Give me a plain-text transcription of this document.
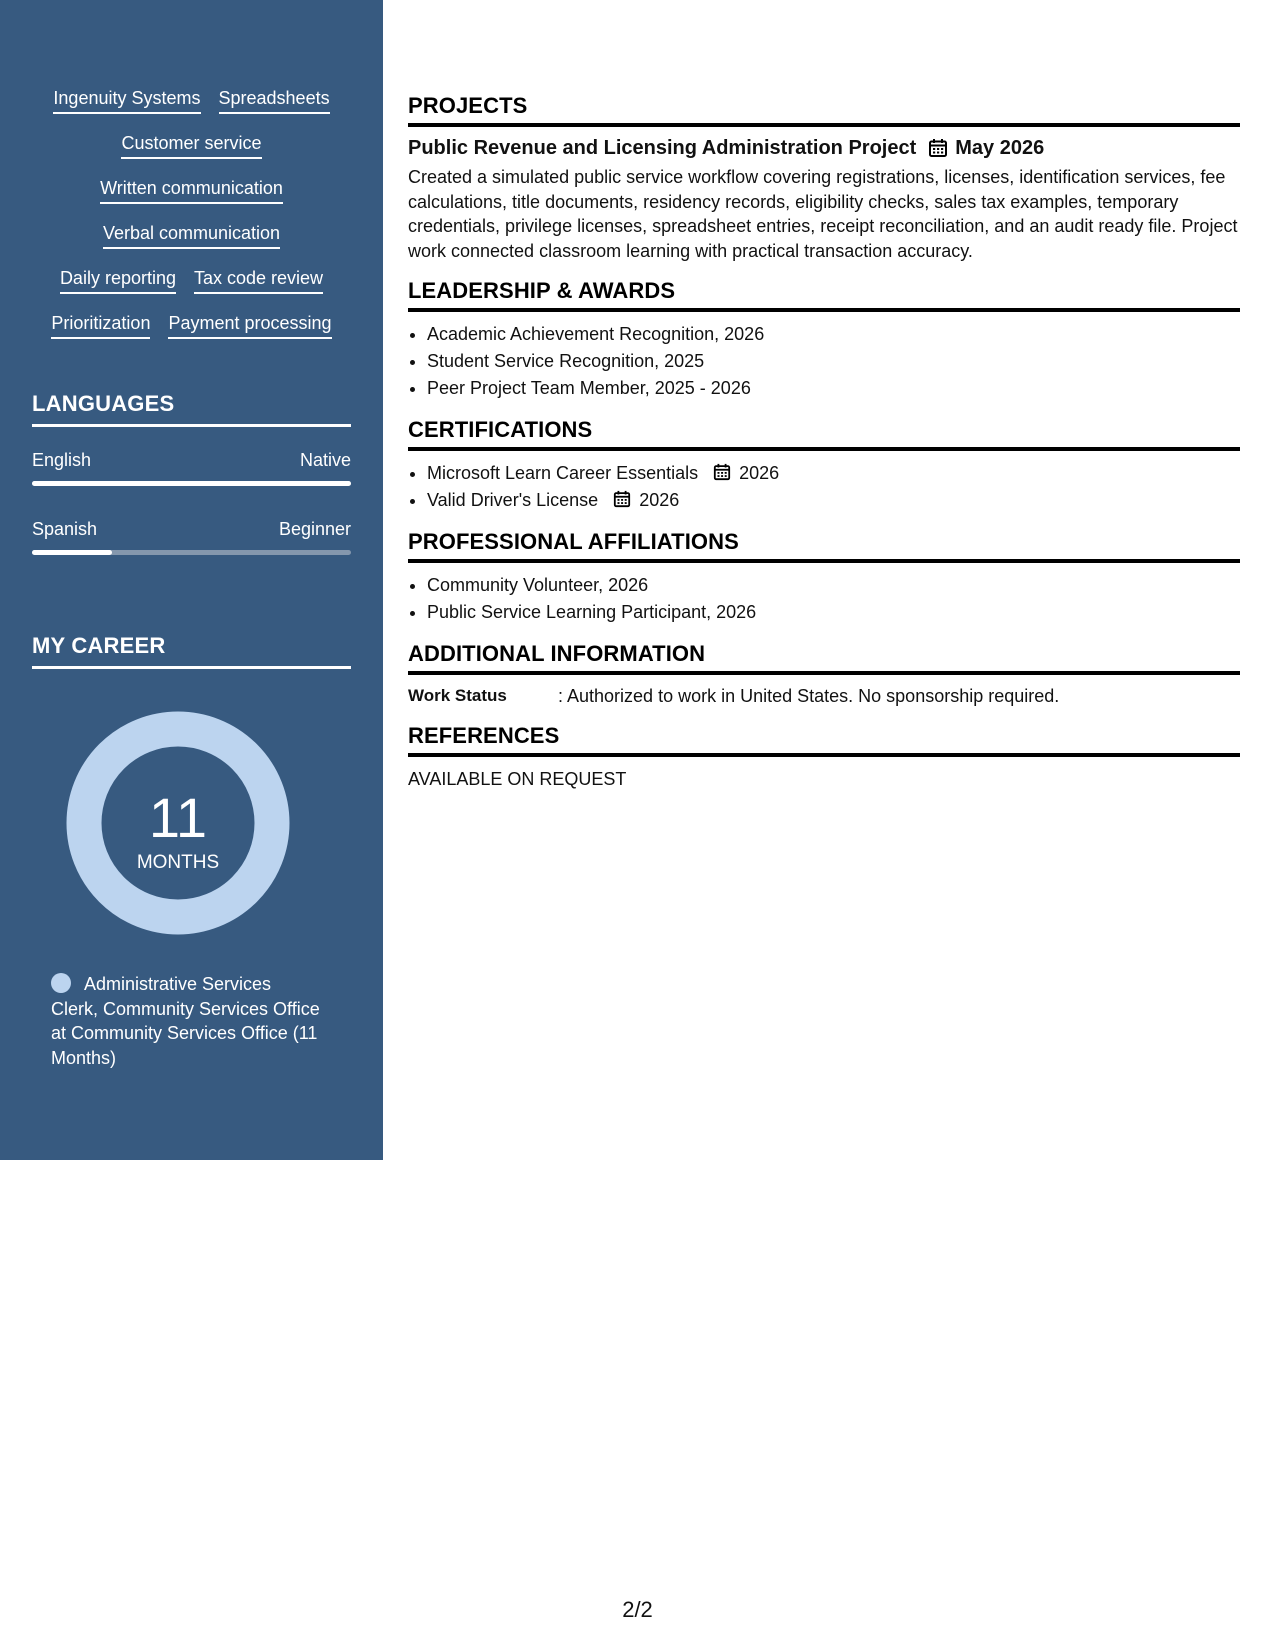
Ingenuity Systems Spreadsheets
Customer service
Written communication
Verbal communication
Daily reporting Tax code review
Prioritization Payment processing
LANGUAGES
English	Native
Spanish	Beginner
MY CAREER
11
MONTHS
Administrative Services Clerk, Community Services Office at Community Services Office (11 Months)
PROJECTS
Public Revenue and Licensing Administration Project May 2026
Created a simulated public service workflow covering registrations, licenses, identification services, fee calculations, title documents, residency records, eligibility checks, sales tax examples, temporary credentials, privilege licenses, spreadsheet entries, receipt reconciliation, and an audit ready file. Project work connected classroom learning with practical transaction accuracy.
LEADERSHIP & AWARDS
• Academic Achievement Recognition, 2026
• Student Service Recognition, 2025
• Peer Project Team Member, 2025 - 2026
CERTIFICATIONS
• Microsoft Learn Career Essentials 2026
• Valid Driver's License 2026
PROFESSIONAL AFFILIATIONS
• Community Volunteer, 2026
• Public Service Learning Participant, 2026
ADDITIONAL INFORMATION
Work Status	: Authorized to work in United States. No sponsorship required.
REFERENCES
AVAILABLE ON REQUEST
2/2
